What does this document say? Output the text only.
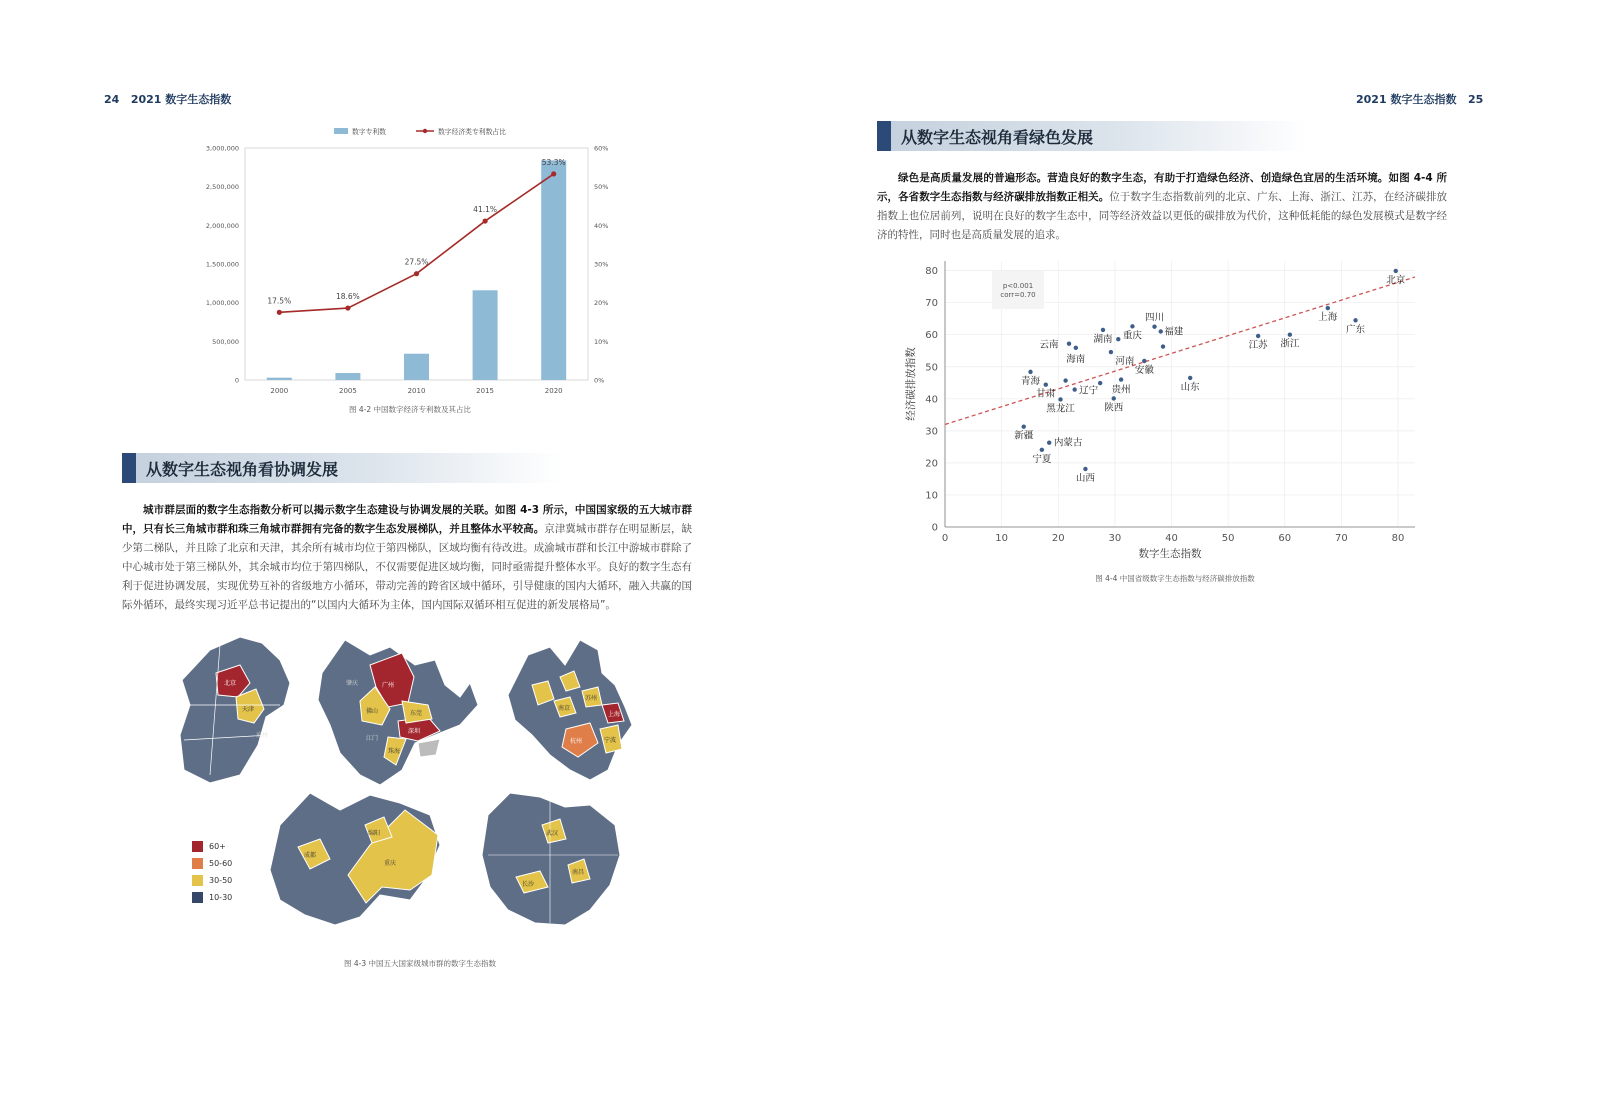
24 2021 数字生态指数	2021 数字生态指数 25
0
500,000
1,000,000
1,500,000
2,000,000
2,500,000
3,000,000
0%
10%
20%
30%
40%
50%
60%
2000	2005	2010	2015	2020
17.5%	18.6%
27.5%
41.1%
53.3%
数字专利数	数字经济类专利数占比
图 4-2 中国数字经济专利数及其占比
从数字生态视角看协调发展
城市群层面的数字生态指数分析可以揭示数字生态建设与协调发展的关联。如图 4-3 所示，中国国家级的五大城市群中，只有长三角城市群和珠三角城市群拥有完备的数字生态发展梯队，并且整体水平较高。京津冀城市群存在明显断层，缺少第二梯队，并且除了北京和天津，其余所有城市均位于第四梯队，区域均衡有待改进。成渝城市群和长江中游城市群除了中心城市处于第三梯队外，其余城市均位于第四梯队，不仅需要促进区域均衡，同时亟需提升整体水平。良好的数字生态有利于促进协调发展，实现优势互补的省级地方小循环，带动完善的跨省区域中循环，引导健康的国内大循环，融入共赢的国际外循环，最终实现习近平总书记提出的“以国内大循环为主体，国内国际双循环相互促进的新发展格局”。
北京
天津
沧州
广州
佛山	东莞
深圳
珠海
江门
肇庆
上海
杭州
南京
苏州
宁波
成都
重庆
绵阳	武汉
长沙
南昌
60+
50-60
30-50
10-30
图 4-3 中国五大国家级城市群的数字生态指数
从数字生态视角看绿色发展
绿色是高质量发展的普遍形态。营造良好的数字生态，有助于打造绿色经济、创造绿色宜居的生活环境。如图 4-4 所示，各省数字生态指数与经济碳排放指数正相关。位于数字生态指数前列的北京、广东、上海、浙江、江苏，在经济碳排放指数上也位居前列，说明在良好的数字生态中，同等经济效益以更低的碳排放为代价，这种低耗能的绿色发展模式是数字经济的特性，同时也是高质量发展的追求。
0	10	20	30	40	50	60	70	80
0
10
20
30
40
50
60
70
80
数字生态指数
经济碳排放指数
p<0.001
corr=0.70
北京
上海
广东
江苏 浙江
山东
四川
福建
重庆
湖南
云南
海南	河南
安徽
贵州
陕西
辽宁
青海
甘肃
黑龙江
新疆
内蒙古
宁夏
山西
图 4-4 中国省级数字生态指数与经济碳排放指数
